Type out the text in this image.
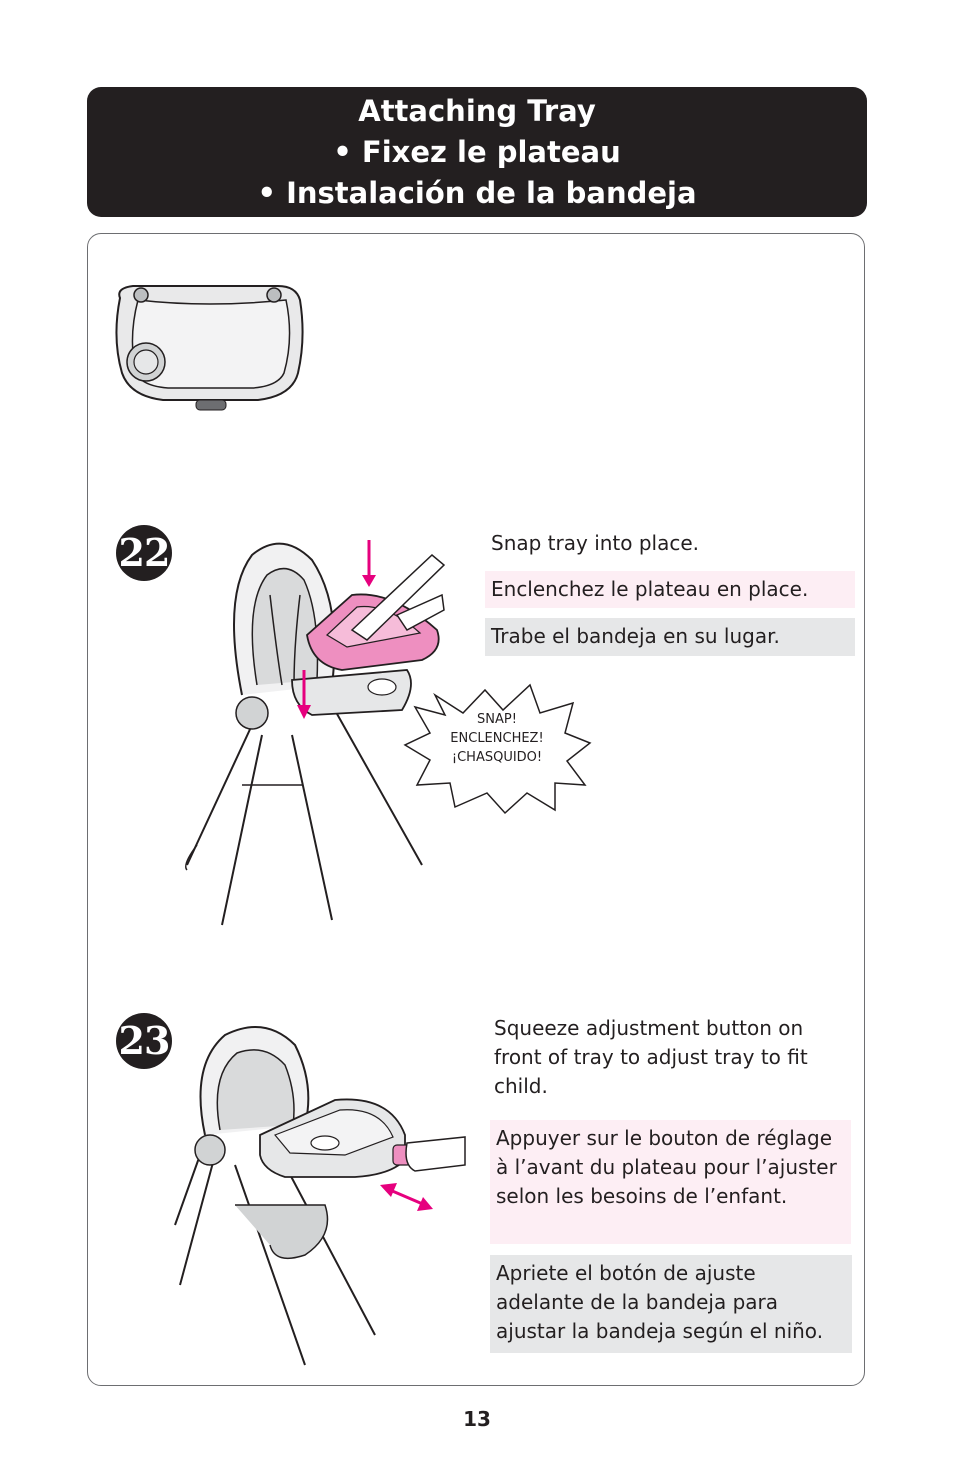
Attaching Tray
• Fixez le plateau
• Instalación de la bandeja
22
SNAP!
ENCLENCHEZ!
¡CHASQUIDO!
Snap tray into place.
Enclenchez le plateau en place.
Trabe el bandeja en su lugar.
23	Squeeze adjustment button on front of tray to adjust tray to fit child.
Appuyer sur le bouton de réglage à l’avant du plateau pour l’ajuster selon les besoins de l’enfant.
Apriete el botón de ajuste adelante de la bandeja para ajustar la bandeja según el niño.
13
